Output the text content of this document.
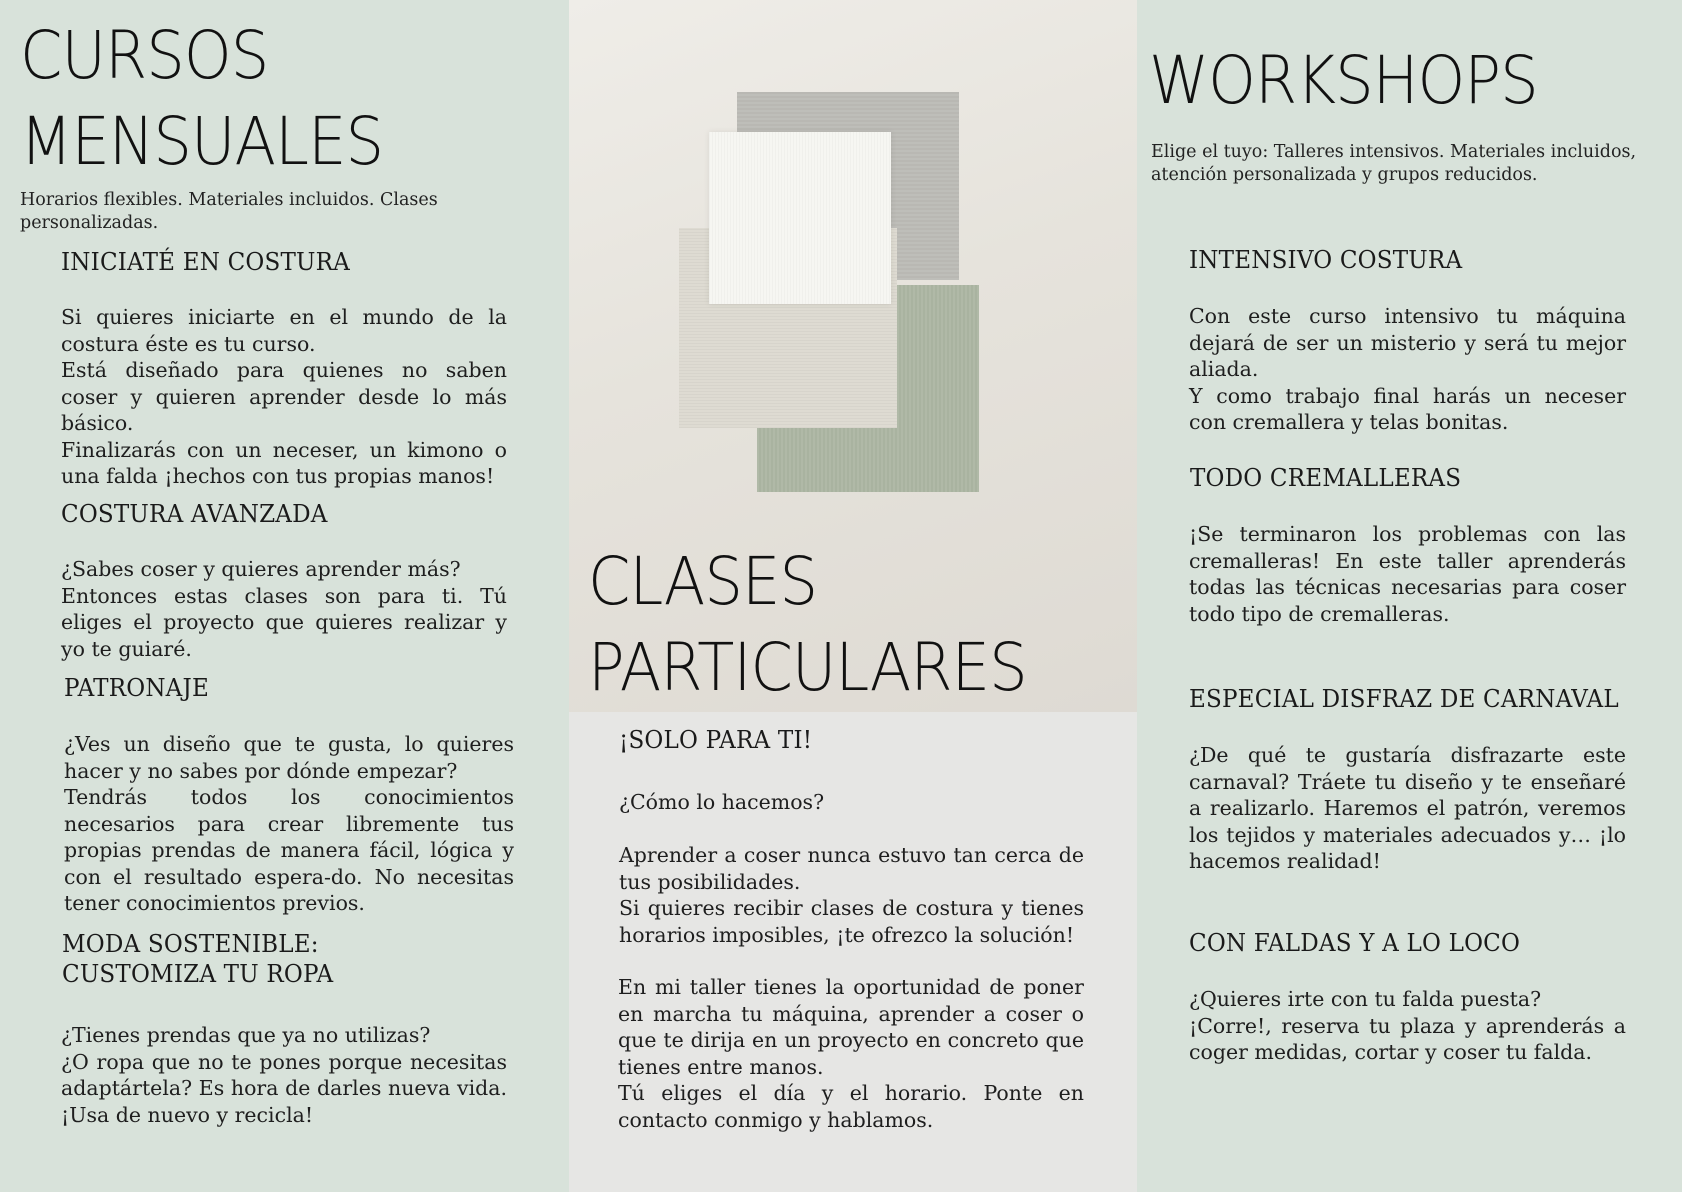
CURSOS
MENSUALES

Horarios flexibles. Materiales incluidos. Clases personalizadas.

INICIATÉ EN COSTURA

Si quieres iniciarte en el mundo de la costura éste es tu curso.

Está diseñado para quienes no saben coser y quieren aprender desde lo más básico.

Finalizarás con un neceser, un kimono o una falda ¡hechos con tus propias manos!

COSTURA AVANZADA

¿Sabes coser y quieres aprender más?

Entonces estas clases son para ti. Tú eliges el proyecto que quieres realizar y yo te guiaré.

PATRONAJE

¿Ves un diseño que te gusta, lo quieres hacer y no sabes por dónde empezar?

Tendrás todos los conocimientos necesarios para crear libremente tus propias prendas de manera fácil, lógica y con el resultado espera-do. No necesitas tener conocimientos previos.

MODA SOSTENIBLE:
CUSTOMIZA TU ROPA

¿Tienes prendas que ya no utilizas?

¿O ropa que no te pones porque necesitas adaptártela? Es hora de darles nueva vida. ¡Usa de nuevo y recicla!

CLASES
PARTICULARES
¡SOLO PARA TI!

¿Cómo lo hacemos?

Aprender a coser nunca estuvo tan cerca de tus posibilidades.

Si quieres recibir clases de costura y tienes horarios imposibles, ¡te ofrezco la solución!

En mi taller tienes la oportunidad de poner en marcha tu máquina, aprender a coser o que te dirija en un proyecto en concreto que tienes entre manos.

Tú eliges el día y el horario. Ponte en contacto conmigo y hablamos.

WORKSHOPS

Elige el tuyo: Talleres intensivos. Materiales incluidos, atención personalizada y grupos reducidos.

INTENSIVO COSTURA

Con este curso intensivo tu máquina dejará de ser un misterio y será tu mejor aliada.

Y como trabajo final harás un neceser con cremallera y telas bonitas.

TODO CREMALLERAS

¡Se terminaron los problemas con las cremalleras! En este taller aprenderás todas las técnicas necesarias para coser todo tipo de cremalleras.

ESPECIAL DISFRAZ DE CARNAVAL

¿De qué te gustaría disfrazarte este carnaval? Tráete tu diseño y te enseñaré a realizarlo. Haremos el patrón, veremos los tejidos y materiales adecuados y… ¡lo hacemos realidad!

CON FALDAS Y A LO LOCO

¿Quieres irte con tu falda puesta?

¡Corre!, reserva tu plaza y aprenderás a coger medidas, cortar y coser tu falda.
